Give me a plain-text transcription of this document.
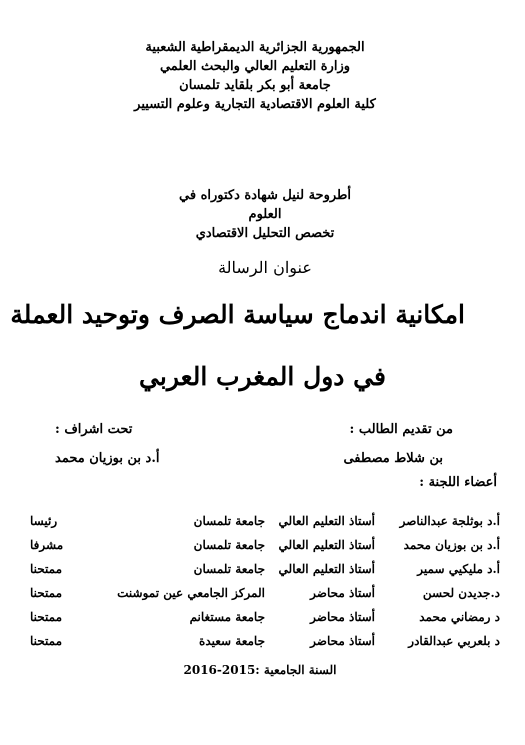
الجمهورية الجزائرية الديمقراطية الشعبية
وزارة التعليم العالي والبحث العلمي
جامعة أبو بكر بلقايد تلمسان
كلية العلوم الاقتصادية التجارية وعلوم التسيير
أطروحة لنيل شهادة دكتوراه في العلوم
تخصص التحليل الاقتصادي
عنوان الرسالة
امكانية اندماج سياسة الصرف وتوحيد العملة
في دول المغرب العربي
من تقديم الطالب :
بن شلاط مصطفى
أعضاء اللجنة :
تحت اشراف :
أ.د بن بوزيان محمد
أ.د بوثلجة عبدالناصر
أستاذ التعليم العالي
جامعة تلمسان
رئيسا
أ.د بن بوزيان محمد
أستاذ التعليم العالي
جامعة تلمسان
مشرفا
أ.د مليكيي سمير
أستاذ التعليم العالي
جامعة تلمسان
ممتحنا
د.جديدن لحسن
أستاذ محاضر
المركز الجامعي عين تموشنت
ممتحنا
د رمضاني محمد
أستاذ محاضر
جامعة مستغانم
ممتحنا
د بلعربي عبدالقادر
أستاذ محاضر
جامعة سعيدة
ممتحنا
السنة الجامعية :2015-2016
